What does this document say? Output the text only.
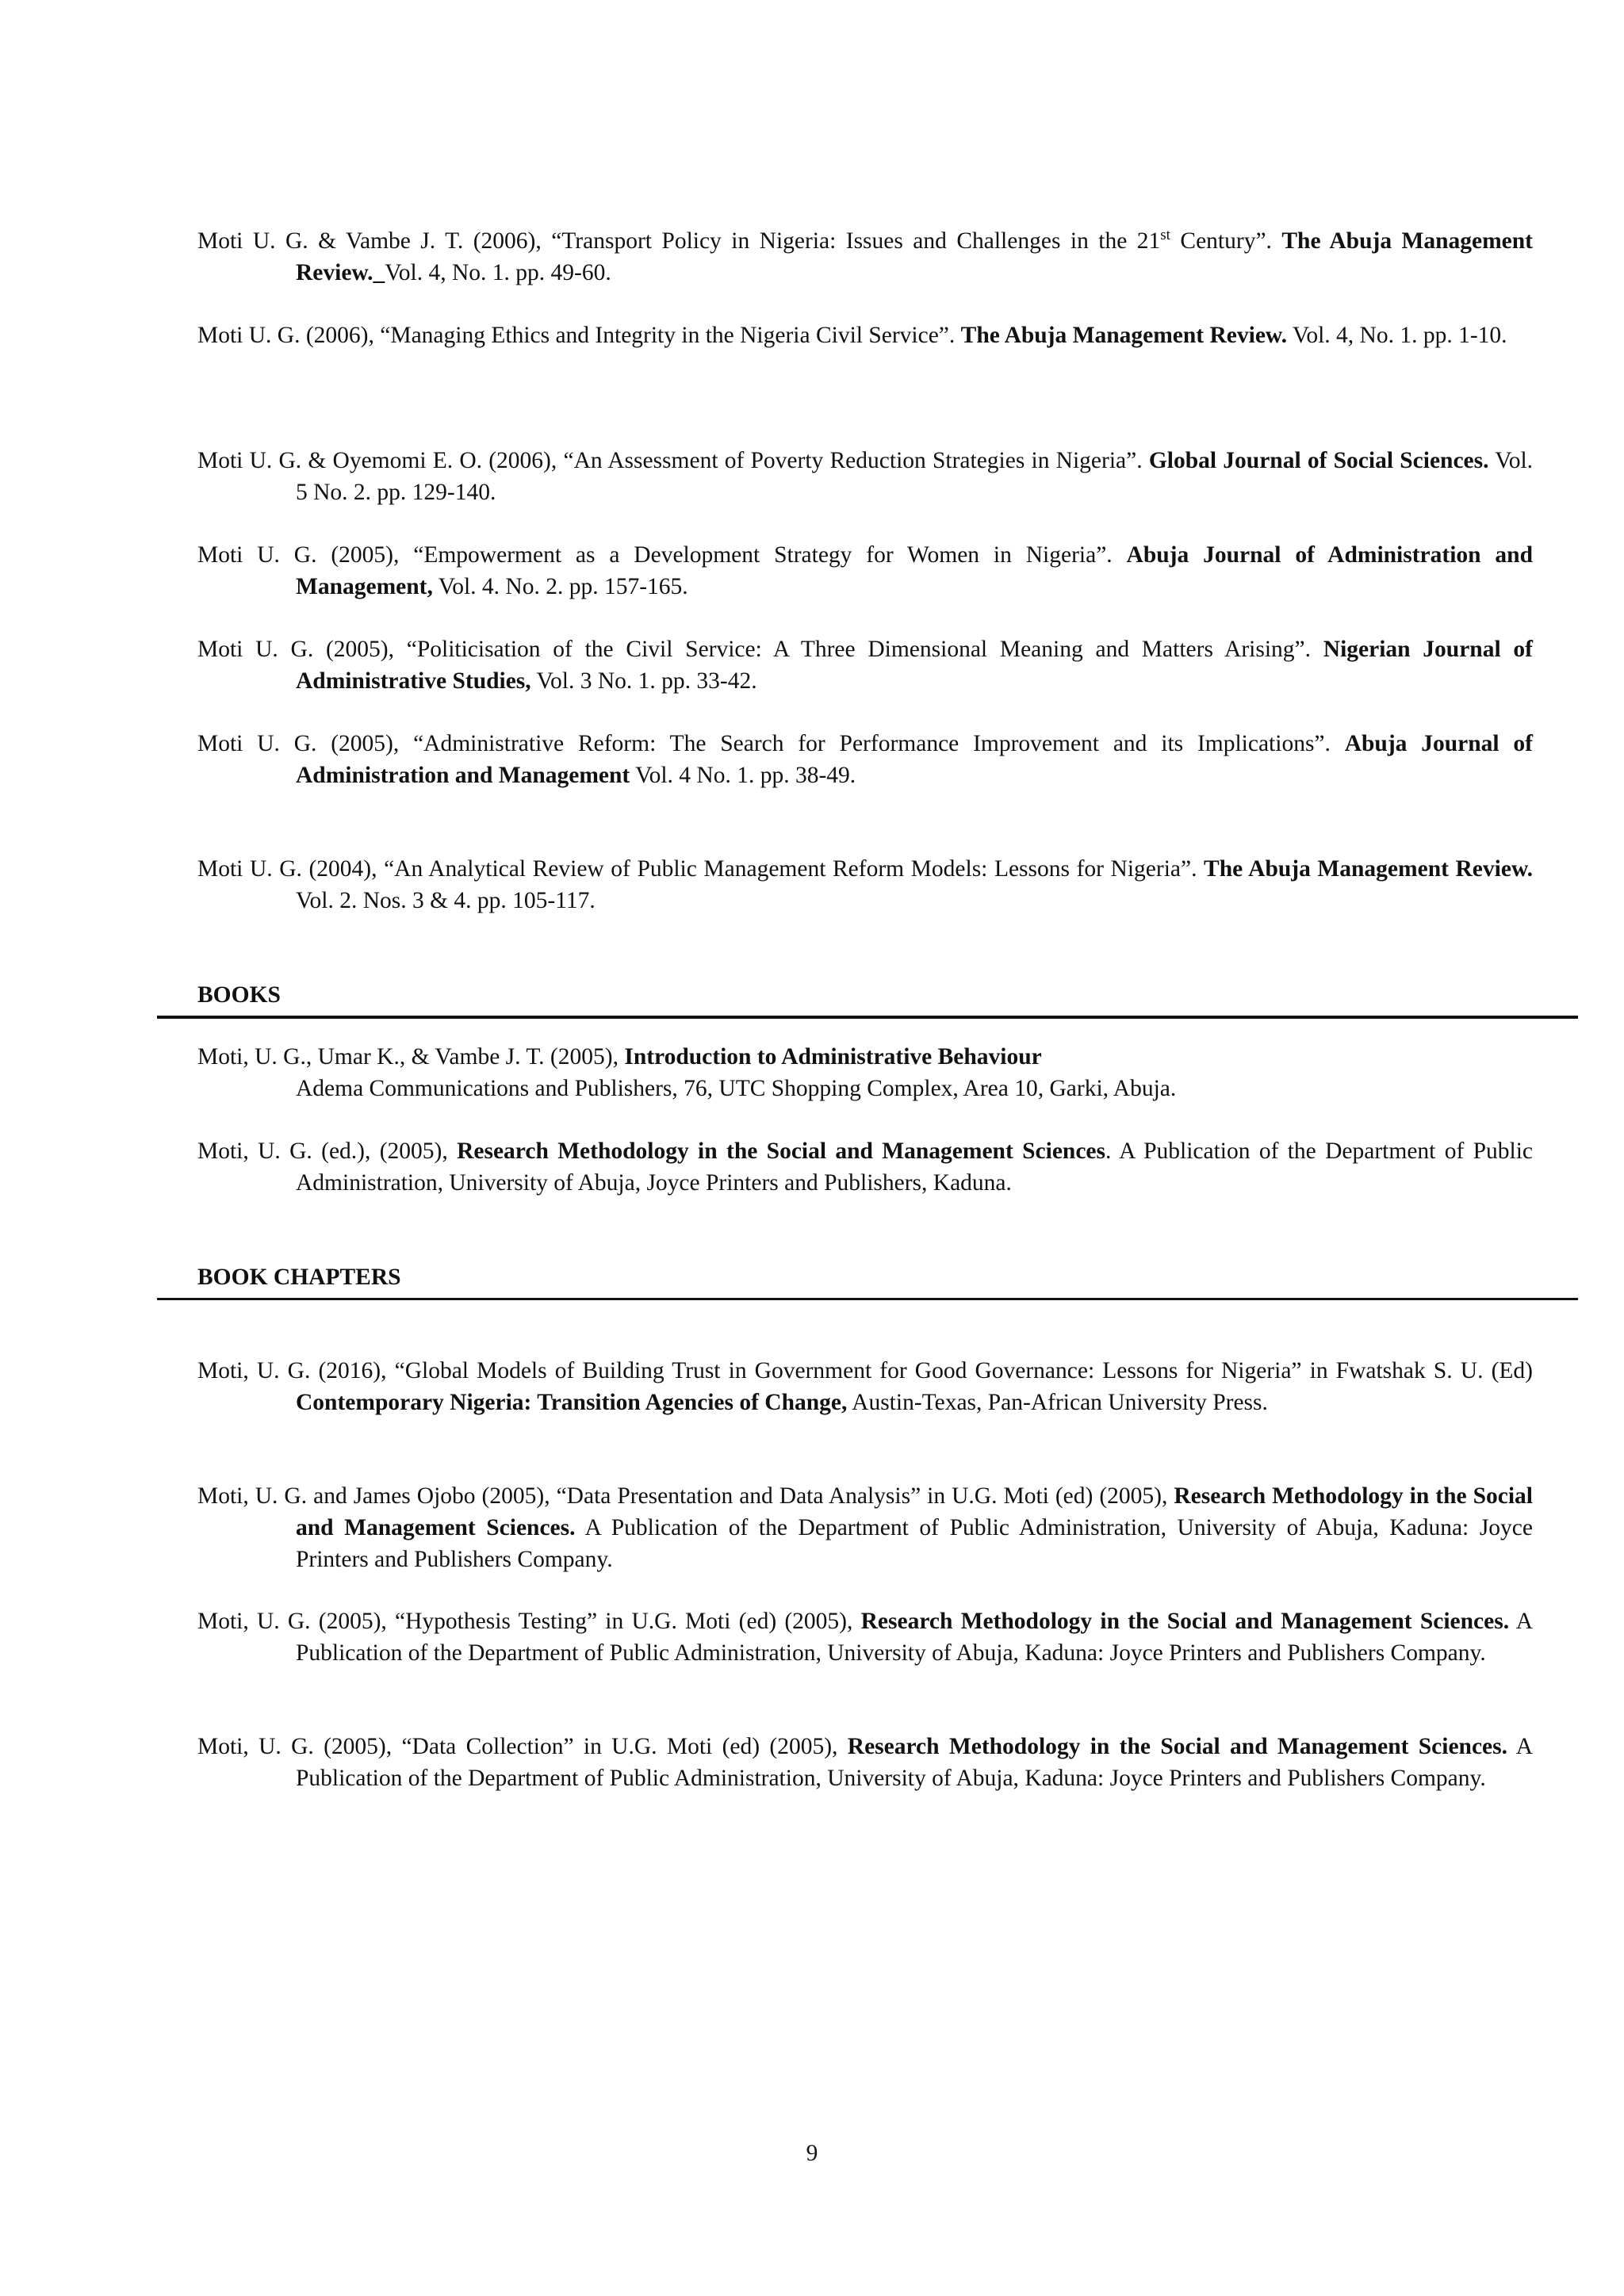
Moti U. G. & Vambe J. T. (2006), “Transport Policy in Nigeria: Issues and Challenges in the 21st Century”. The Abuja Management Review._Vol. 4, No. 1. pp. 49-60.
Moti U. G. (2006), “Managing Ethics and Integrity in the Nigeria Civil Service”. The Abuja Management Review. Vol. 4, No. 1. pp. 1-10.
Moti U. G. & Oyemomi E. O. (2006), “An Assessment of Poverty Reduction Strategies in Nigeria”. Global Journal of Social Sciences. Vol. 5 No. 2. pp. 129-140.
Moti U. G. (2005), “Empowerment as a Development Strategy for Women in Nigeria”. Abuja Journal of Administration and Management, Vol. 4. No. 2. pp. 157-165.
Moti U. G. (2005), “Politicisation of the Civil Service: A Three Dimensional Meaning and Matters Arising”. Nigerian Journal of Administrative Studies, Vol. 3 No. 1. pp. 33-42.
Moti U. G. (2005), “Administrative Reform: The Search for Performance Improvement and its Implications”. Abuja Journal of Administration and Management Vol. 4 No. 1. pp. 38-49.
Moti U. G. (2004), “An Analytical Review of Public Management Reform Models: Lessons for Nigeria”. The Abuja Management Review. Vol. 2. Nos. 3 & 4. pp. 105-117.
BOOKS
Moti, U. G., Umar K., & Vambe J. T. (2005), Introduction to Administrative Behaviour
Adema Communications and Publishers, 76, UTC Shopping Complex, Area 10, Garki, Abuja.
Moti, U. G. (ed.), (2005), Research Methodology in the Social and Management Sciences. A Publication of the Department of Public Administration, University of Abuja, Joyce Printers and Publishers, Kaduna.
BOOK CHAPTERS
Moti, U. G. (2016), “Global Models of Building Trust in Government for Good Governance: Lessons for Nigeria” in Fwatshak S. U. (Ed) Contemporary Nigeria: Transition Agencies of Change, Austin-Texas, Pan-African University Press.
Moti, U. G. and James Ojobo (2005), “Data Presentation and Data Analysis” in U.G. Moti (ed) (2005), Research Methodology in the Social and Management Sciences. A Publication of the Department of Public Administration, University of Abuja, Kaduna: Joyce Printers and Publishers Company.
Moti, U. G. (2005), “Hypothesis Testing” in U.G. Moti (ed) (2005), Research Methodology in the Social and Management Sciences. A Publication of the Department of Public Administration, University of Abuja, Kaduna: Joyce Printers and Publishers Company.
Moti, U. G. (2005), “Data Collection” in U.G. Moti (ed) (2005), Research Methodology in the Social and Management Sciences. A Publication of the Department of Public Administration, University of Abuja, Kaduna: Joyce Printers and Publishers Company.
9
